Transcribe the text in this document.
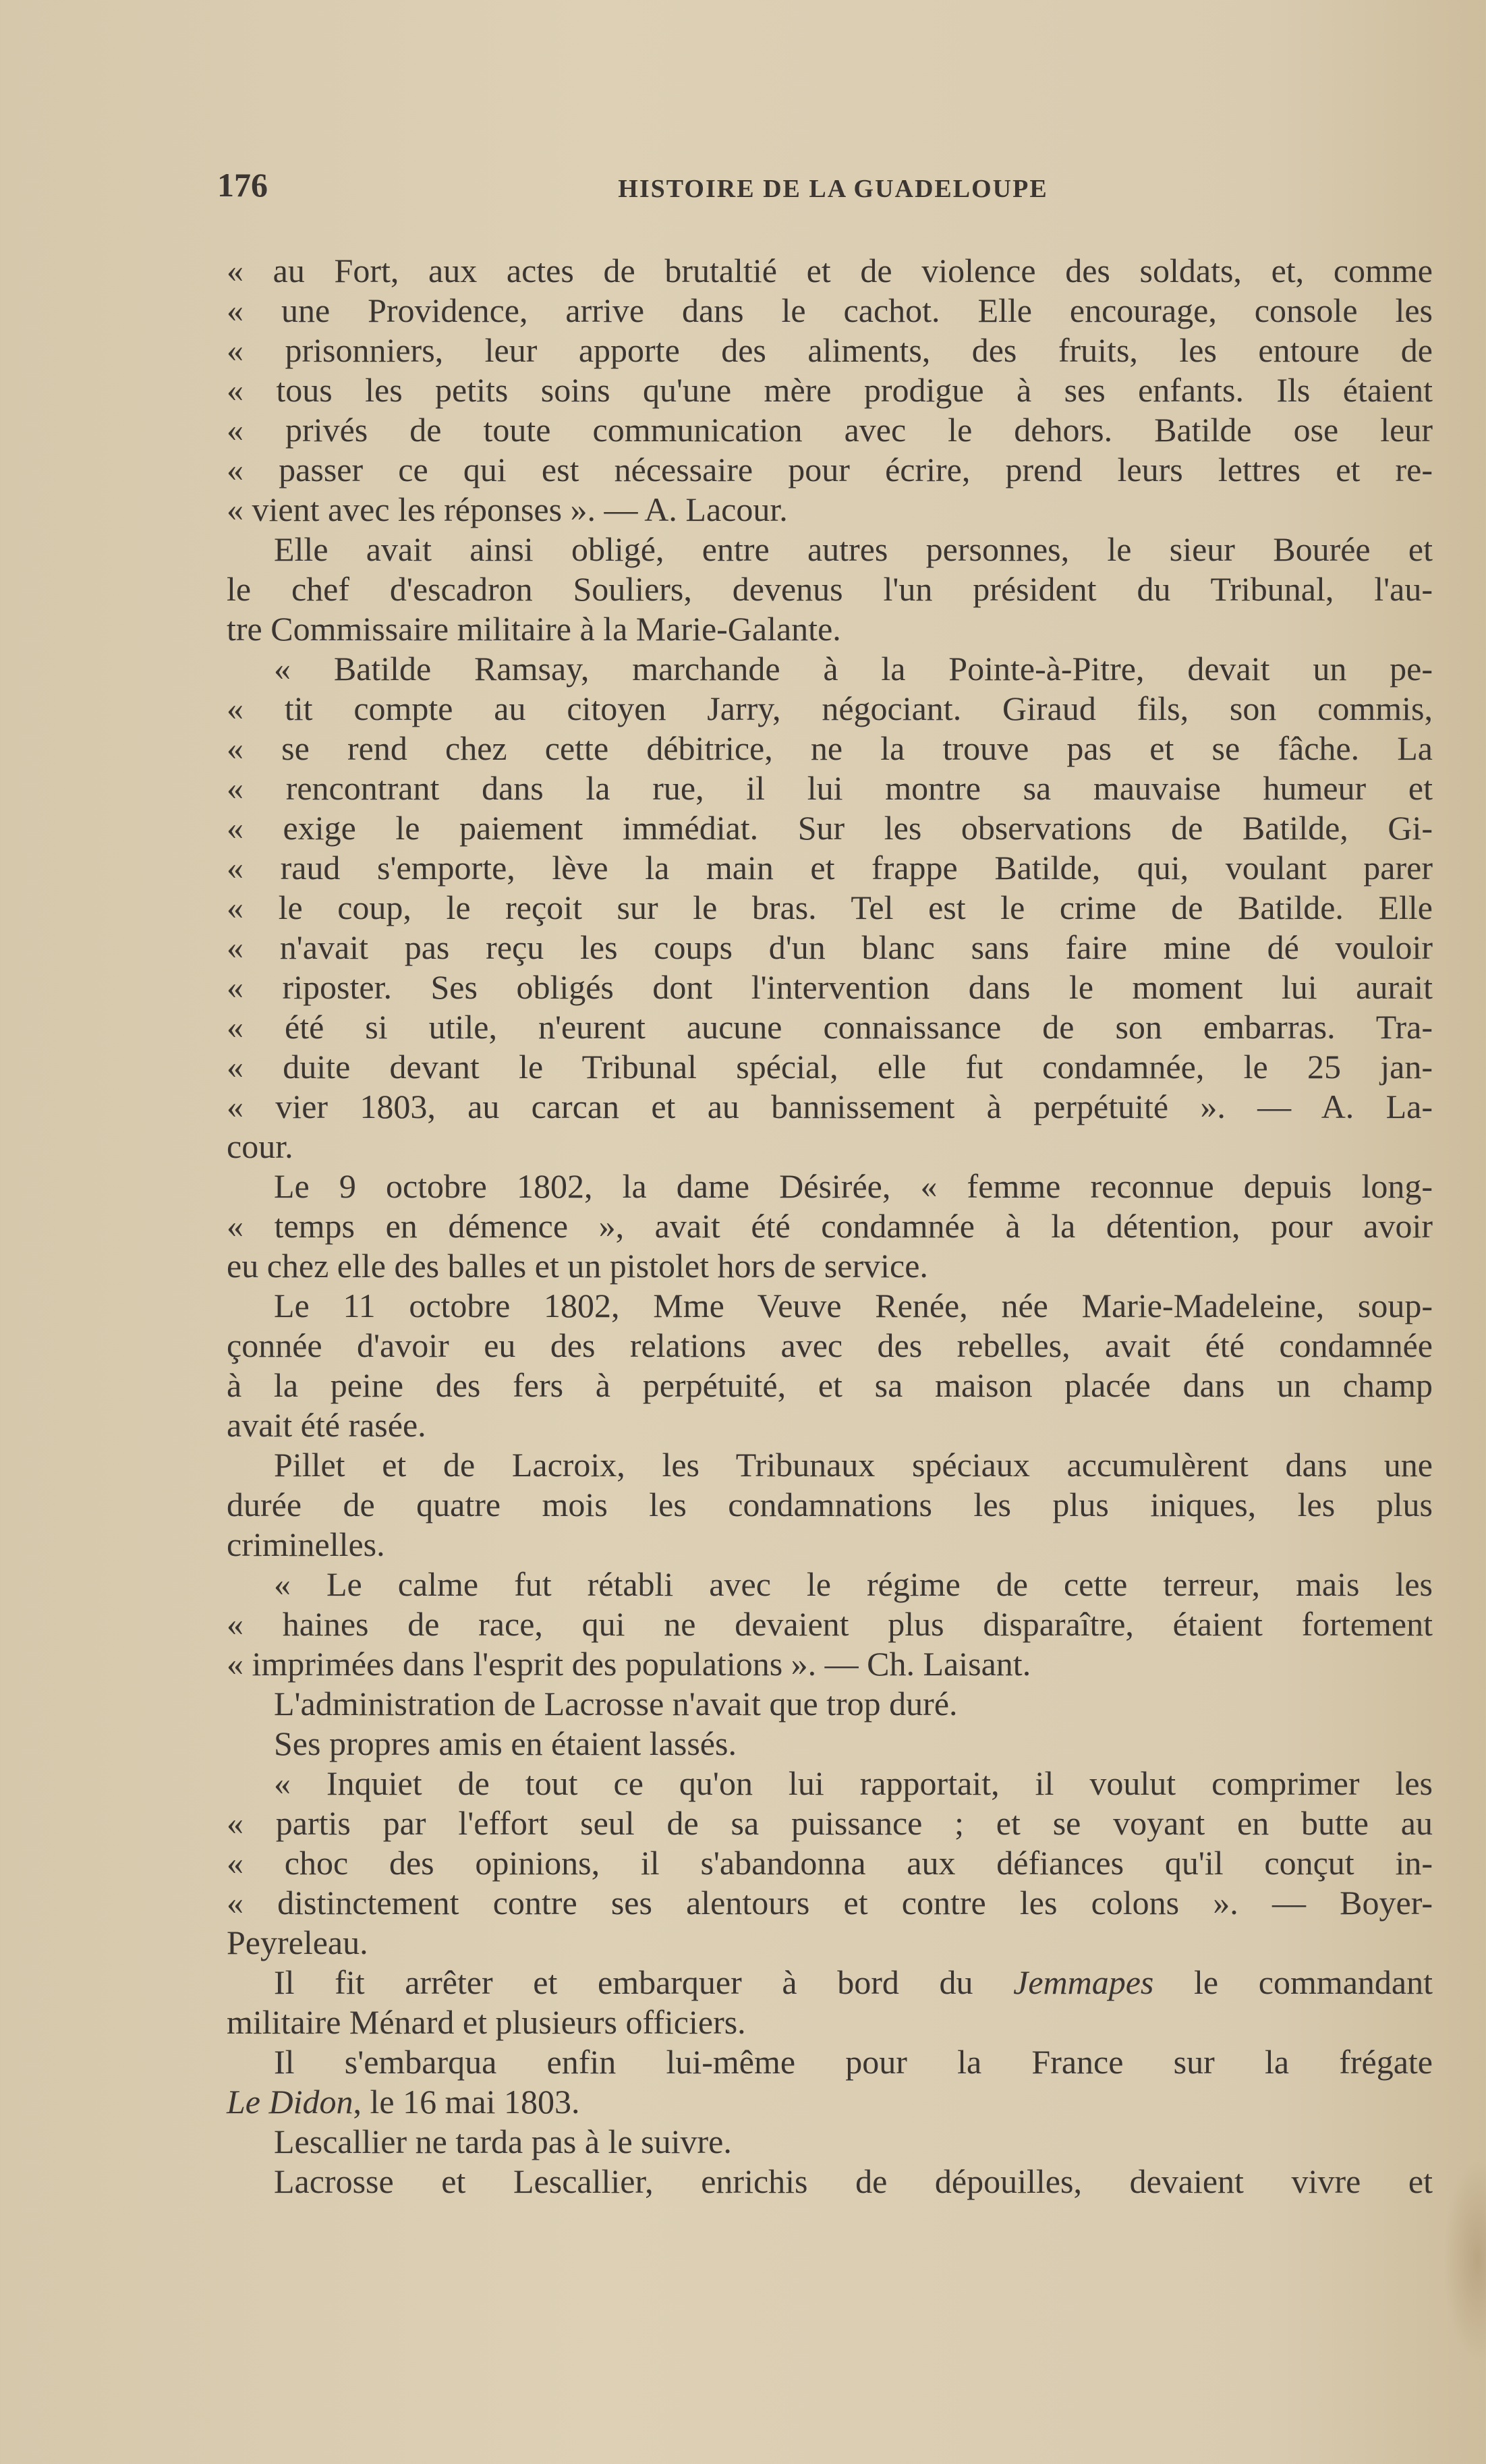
176	HISTOIRE DE LA GUADELOUPE
« au Fort, aux actes de brutaltié et de violence des soldats, et, comme
« une Providence, arrive dans le cachot. Elle encourage, console les
« prisonniers, leur apporte des aliments, des fruits, les entoure de
« tous les petits soins qu'une mère prodigue à ses enfants. Ils étaient
« privés de toute communication avec le dehors. Batilde ose leur
« passer ce qui est nécessaire pour écrire, prend leurs lettres et re-
« vient avec les réponses ». — A. Lacour.
Elle avait ainsi obligé, entre autres personnes, le sieur Bourée et
le chef d'escadron Souliers, devenus l'un président du Tribunal, l'au-
tre Commissaire militaire à la Marie-Galante.
« Batilde Ramsay, marchande à la Pointe-à-Pitre, devait un pe-
« tit compte au citoyen Jarry, négociant. Giraud fils, son commis,
« se rend chez cette débitrice, ne la trouve pas et se fâche. La
« rencontrant dans la rue, il lui montre sa mauvaise humeur et
« exige le paiement immédiat. Sur les observations de Batilde, Gi-
« raud s'emporte, lève la main et frappe Batilde, qui, voulant parer
« le coup, le reçoit sur le bras. Tel est le crime de Batilde. Elle
« n'avait pas reçu les coups d'un blanc sans faire mine dé vouloir
« riposter. Ses obligés dont l'intervention dans le moment lui aurait
« été si utile, n'eurent aucune connaissance de son embarras. Tra-
« duite devant le Tribunal spécial, elle fut condamnée, le 25 jan-
« vier 1803, au carcan et au bannissement à perpétuité ». — A. La-
cour.
Le 9 octobre 1802, la dame Désirée, « femme reconnue depuis long-
« temps en démence », avait été condamnée à la détention, pour avoir
eu chez elle des balles et un pistolet hors de service.
Le 11 octobre 1802, Mme Veuve Renée, née Marie-Madeleine, soup-
çonnée d'avoir eu des relations avec des rebelles, avait été condamnée
à la peine des fers à perpétuité, et sa maison placée dans un champ
avait été rasée.
Pillet et de Lacroix, les Tribunaux spéciaux accumulèrent dans une
durée de quatre mois les condamnations les plus iniques, les plus
criminelles.
« Le calme fut rétabli avec le régime de cette terreur, mais les
« haines de race, qui ne devaient plus disparaître, étaient fortement
« imprimées dans l'esprit des populations ». — Ch. Laisant.
L'administration de Lacrosse n'avait que trop duré.
Ses propres amis en étaient lassés.
« Inquiet de tout ce qu'on lui rapportait, il voulut comprimer les
« partis par l'effort seul de sa puissance ; et se voyant en butte au
« choc des opinions, il s'abandonna aux défiances qu'il conçut in-
« distinctement contre ses alentours et contre les colons ». — Boyer-
Peyreleau.
Il fit arrêter et embarquer à bord du Jemmapes le commandant
militaire Ménard et plusieurs officiers.
Il s'embarqua enfin lui-même pour la France sur la frégate
Le Didon, le 16 mai 1803.
Lescallier ne tarda pas à le suivre.
Lacrosse et Lescallier, enrichis de dépouilles, devaient vivre et
